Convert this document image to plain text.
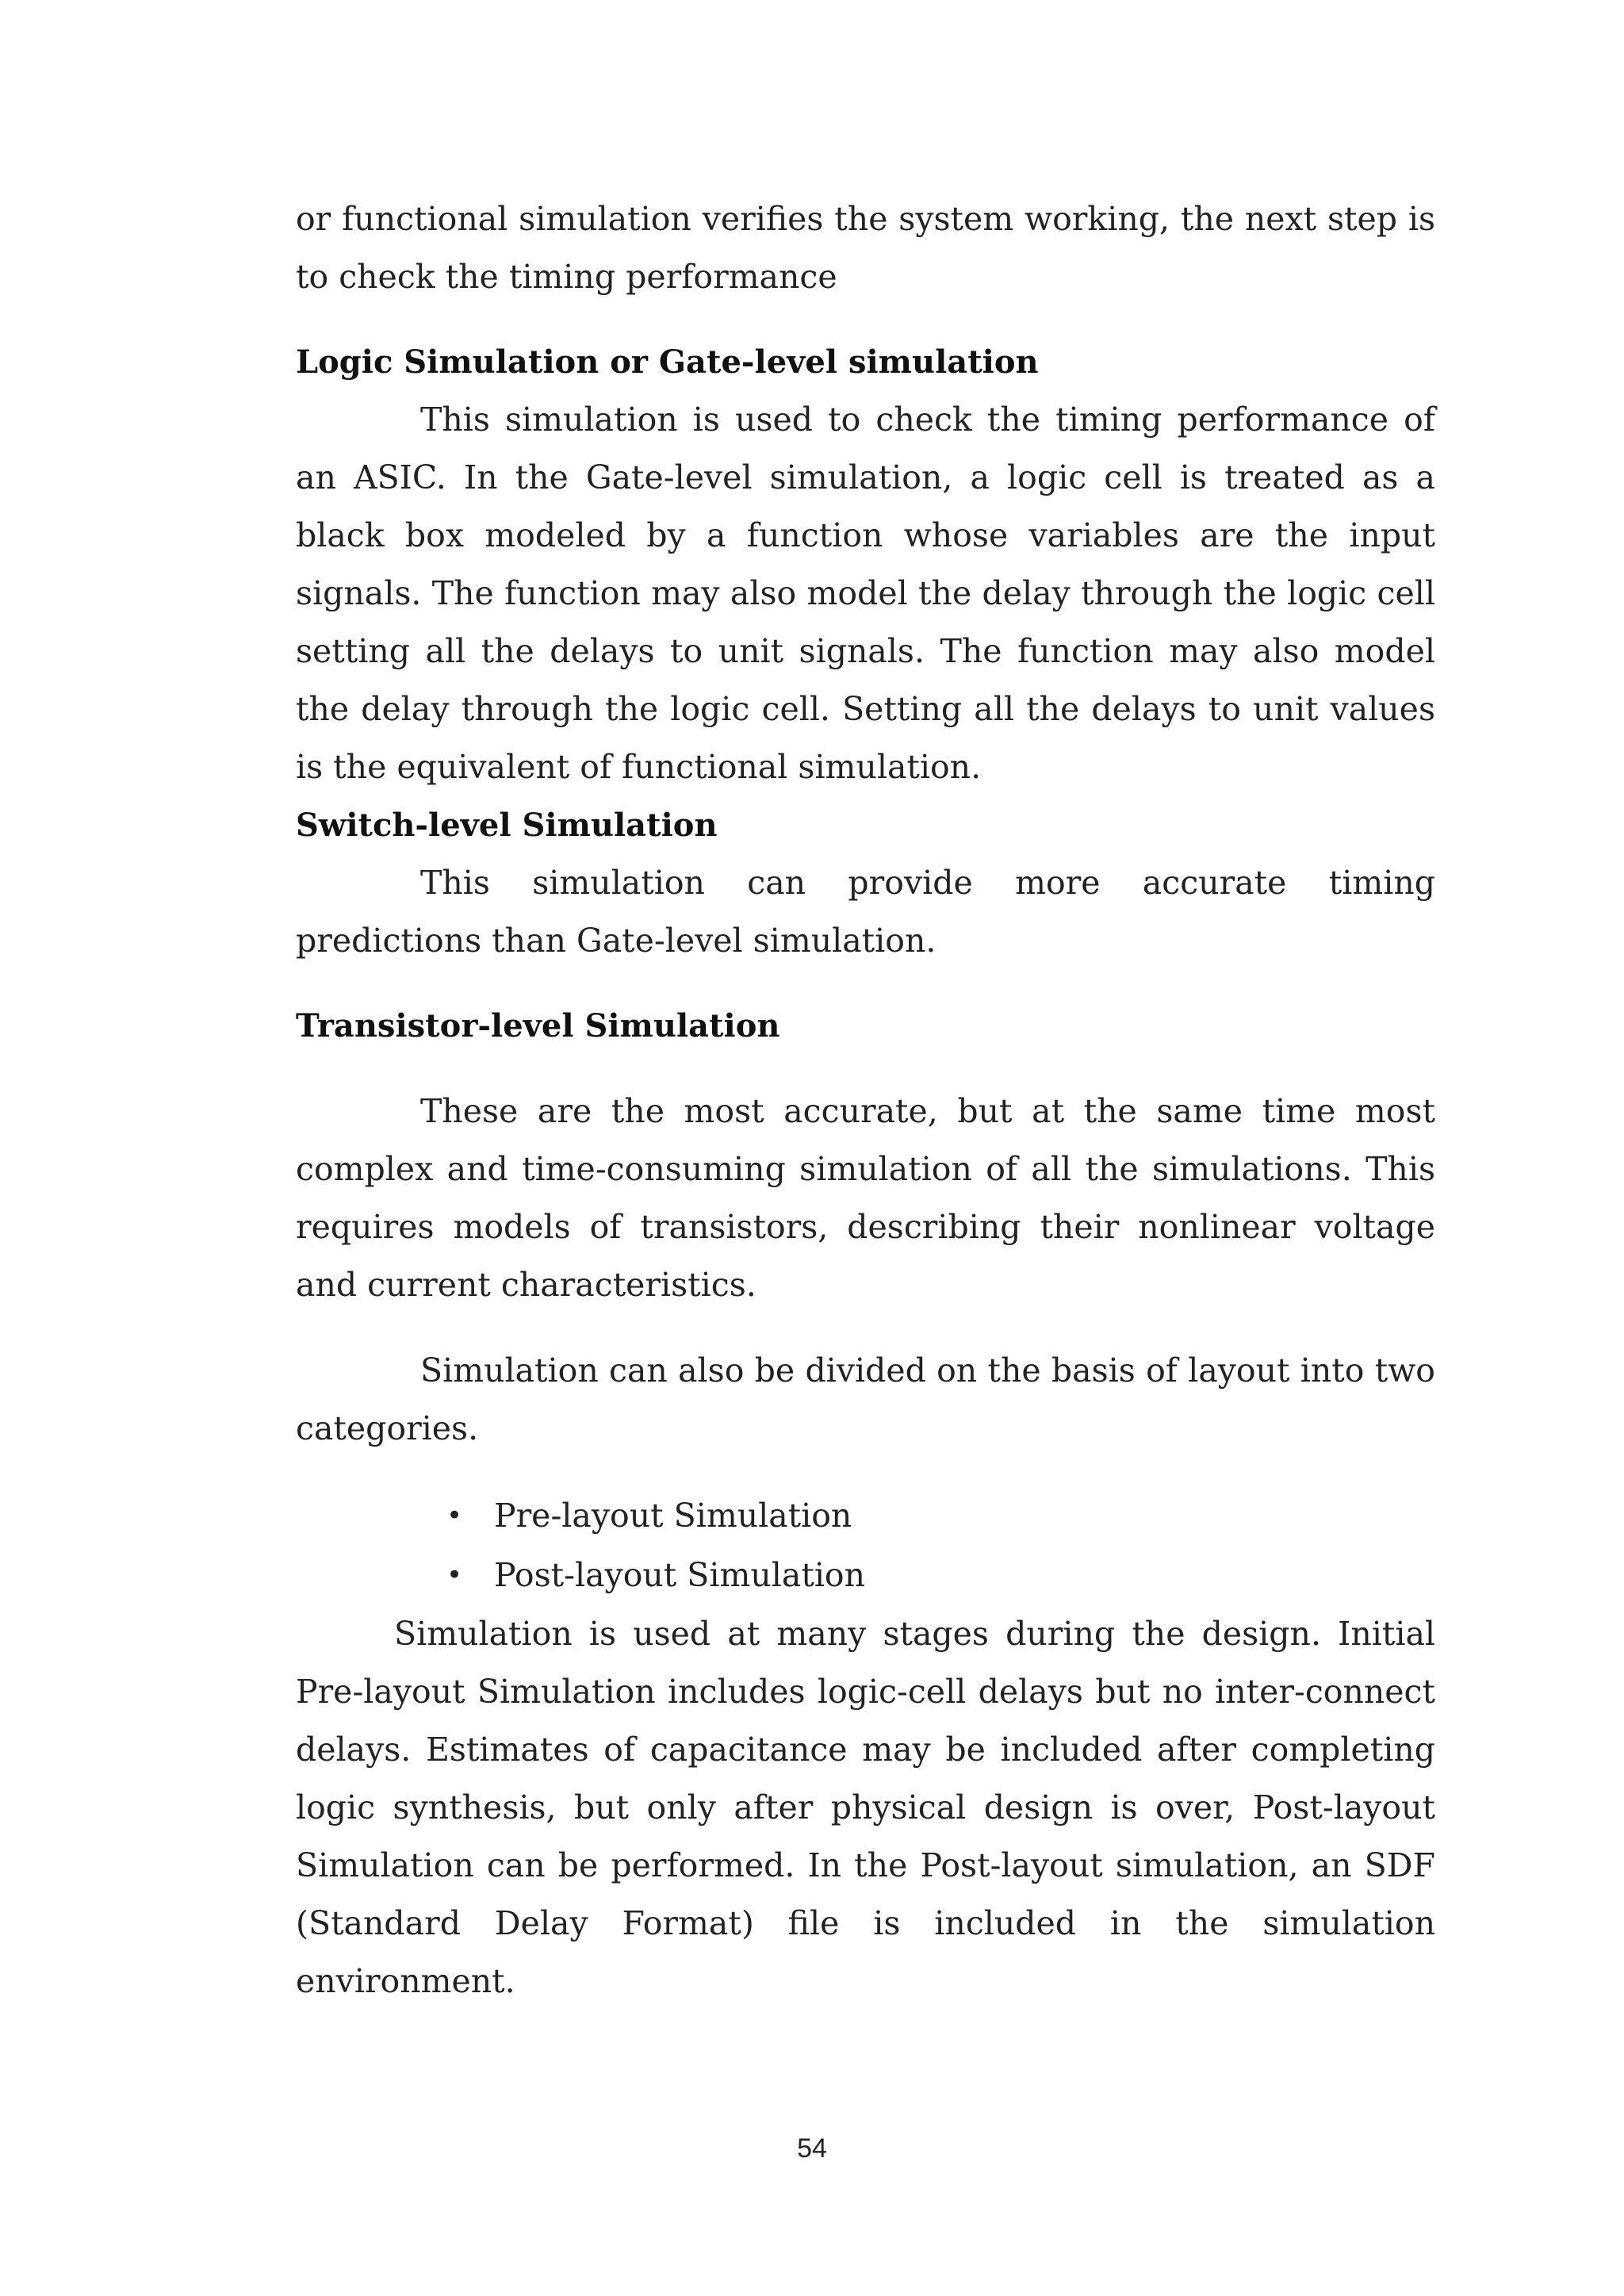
or functional simulation verifies the system working, the next step is to check the timing performance

Logic Simulation or Gate-level simulation

This simulation is used to check the timing performance of an ASIC. In the Gate-level simulation, a logic cell is treated as a black box modeled by a function whose variables are the input signals. The function may also model the delay through the logic cell setting all the delays to unit signals. The function may also model the delay through the logic cell. Setting all the delays to unit values is the equivalent of functional simulation.

Switch-level Simulation

This simulation can provide more accurate timing predictions than Gate-level simulation.

Transistor-level Simulation

These are the most accurate, but at the same time most complex and time-consuming simulation of all the simulations. This requires models of transistors, describing their nonlinear voltage and current characteristics.

Simulation can also be divided on the basis of layout into two categories.

• Pre-layout Simulation
• Post-layout Simulation

Simulation is used at many stages during the design. Initial Pre-layout Simulation includes logic-cell delays but no inter-connect delays. Estimates of capacitance may be included after completing logic synthesis, but only after physical design is over, Post-layout Simulation can be performed. In the Post-layout simulation, an SDF (Standard Delay Format) file is included in the simulation environment.

54
